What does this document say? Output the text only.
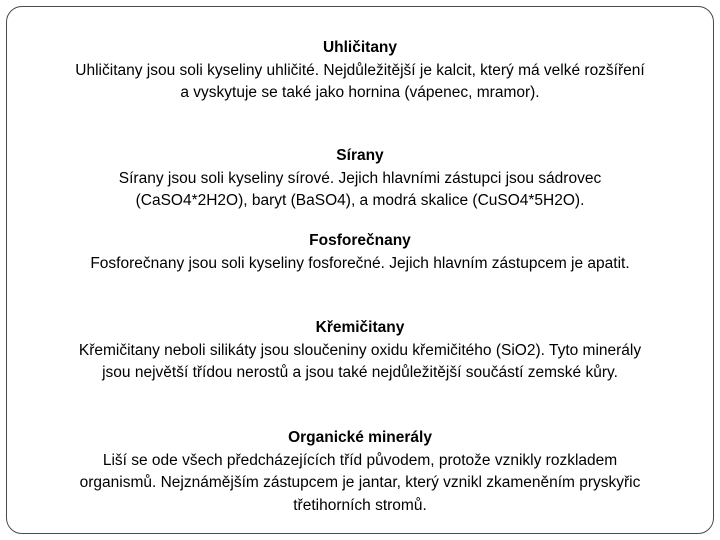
Uhličitany
Uhličitany jsou soli kyseliny uhličité. Nejdůležitější je kalcit, který má velké rozšíření
a vyskytuje se také jako hornina (vápenec, mramor).
Sírany
Sírany jsou soli kyseliny sírové. Jejich hlavními zástupci jsou sádrovec
(CaSO4*2H2O), baryt (BaSO4), a modrá skalice (CuSO4*5H2O).
Fosforečnany
Fosforečnany jsou soli kyseliny fosforečné. Jejich hlavním zástupcem je apatit.
Křemičitany
Křemičitany neboli silikáty jsou sloučeniny oxidu křemičitého (SiO2). Tyto minerály
jsou největší třídou nerostů a jsou také nejdůležitější součástí zemské kůry.
Organické minerály
Liší se ode všech předcházejících tříd původem, protože vznikly rozkladem
organismů. Nejznámějším zástupcem je jantar, který vznikl zkameněním pryskyřic
třetihorních stromů.
